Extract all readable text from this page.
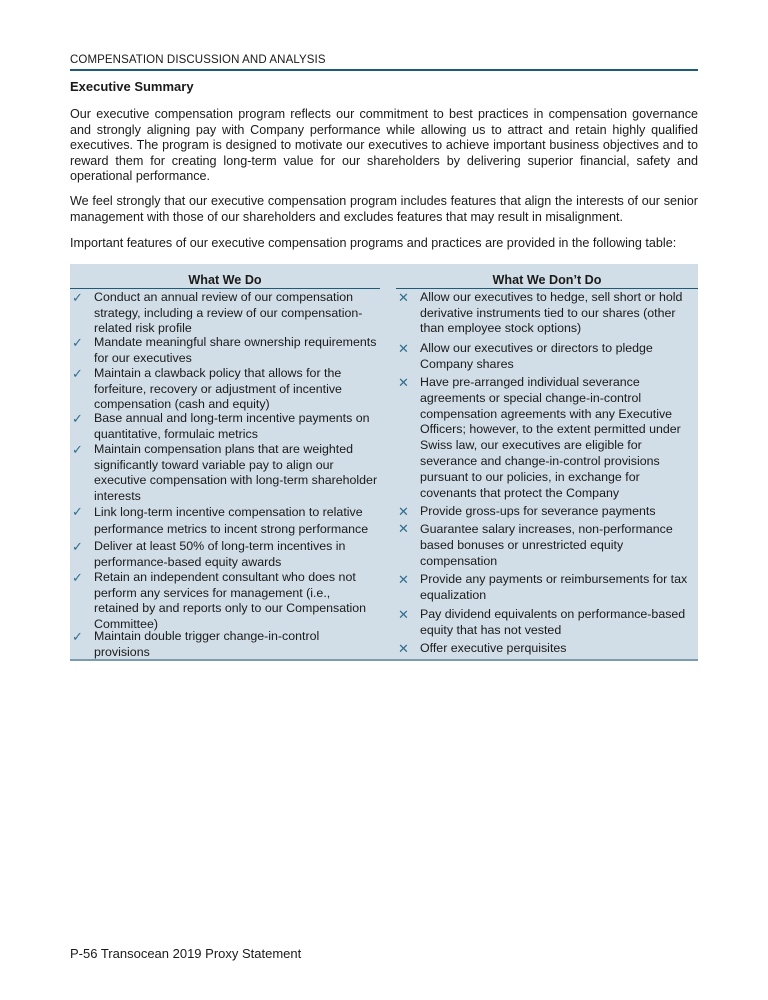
COMPENSATION DISCUSSION AND ANALYSIS
Executive Summary
Our executive compensation program reflects our commitment to best practices in compensation governance and strongly aligning pay with Company performance while allowing us to attract and retain highly qualified executives. The program is designed to motivate our executives to achieve important business objectives and to reward them for creating long-term value for our shareholders by delivering superior financial, safety and operational performance.
We feel strongly that our executive compensation program includes features that align the interests of our senior management with those of our shareholders and excludes features that may result in misalignment.
Important features of our executive compensation programs and practices are provided in the following table:
What We Do	What We Don’t Do
✓ Conduct an annual review of our compensation strategy, including a review of our compensation-related risk profile
✓ Mandate meaningful share ownership requirements for our executives
✓ Maintain a clawback policy that allows for the forfeiture, recovery or adjustment of incentive compensation (cash and equity)
✓ Base annual and long-term incentive payments on quantitative, formulaic metrics
✓ Maintain compensation plans that are weighted significantly toward variable pay to align our executive compensation with long-term shareholder interests
✓ Link long-term incentive compensation to relative performance metrics to incent strong performance
✓ Deliver at least 50% of long-term incentives in performance-based equity awards
✓ Retain an independent consultant who does not perform any services for management (i.e., retained by and reports only to our Compensation Committee)
✓ Maintain double trigger change-in-control provisions
✕ Allow our executives to hedge, sell short or hold derivative instruments tied to our shares (other than employee stock options)
✕ Allow our executives or directors to pledge Company shares
✕ Have pre-arranged individual severance agreements or special change-in-control compensation agreements with any Executive Officers; however, to the extent permitted under Swiss law, our executives are eligible for severance and change-in-control provisions pursuant to our policies, in exchange for covenants that protect the Company
✕ Provide gross-ups for severance payments
✕ Guarantee salary increases, non-performance based bonuses or unrestricted equity compensation
✕ Provide any payments or reimbursements for tax equalization
✕ Pay dividend equivalents on performance-based equity that has not vested
✕ Offer executive perquisites
P-56 Transocean 2019 Proxy Statement
